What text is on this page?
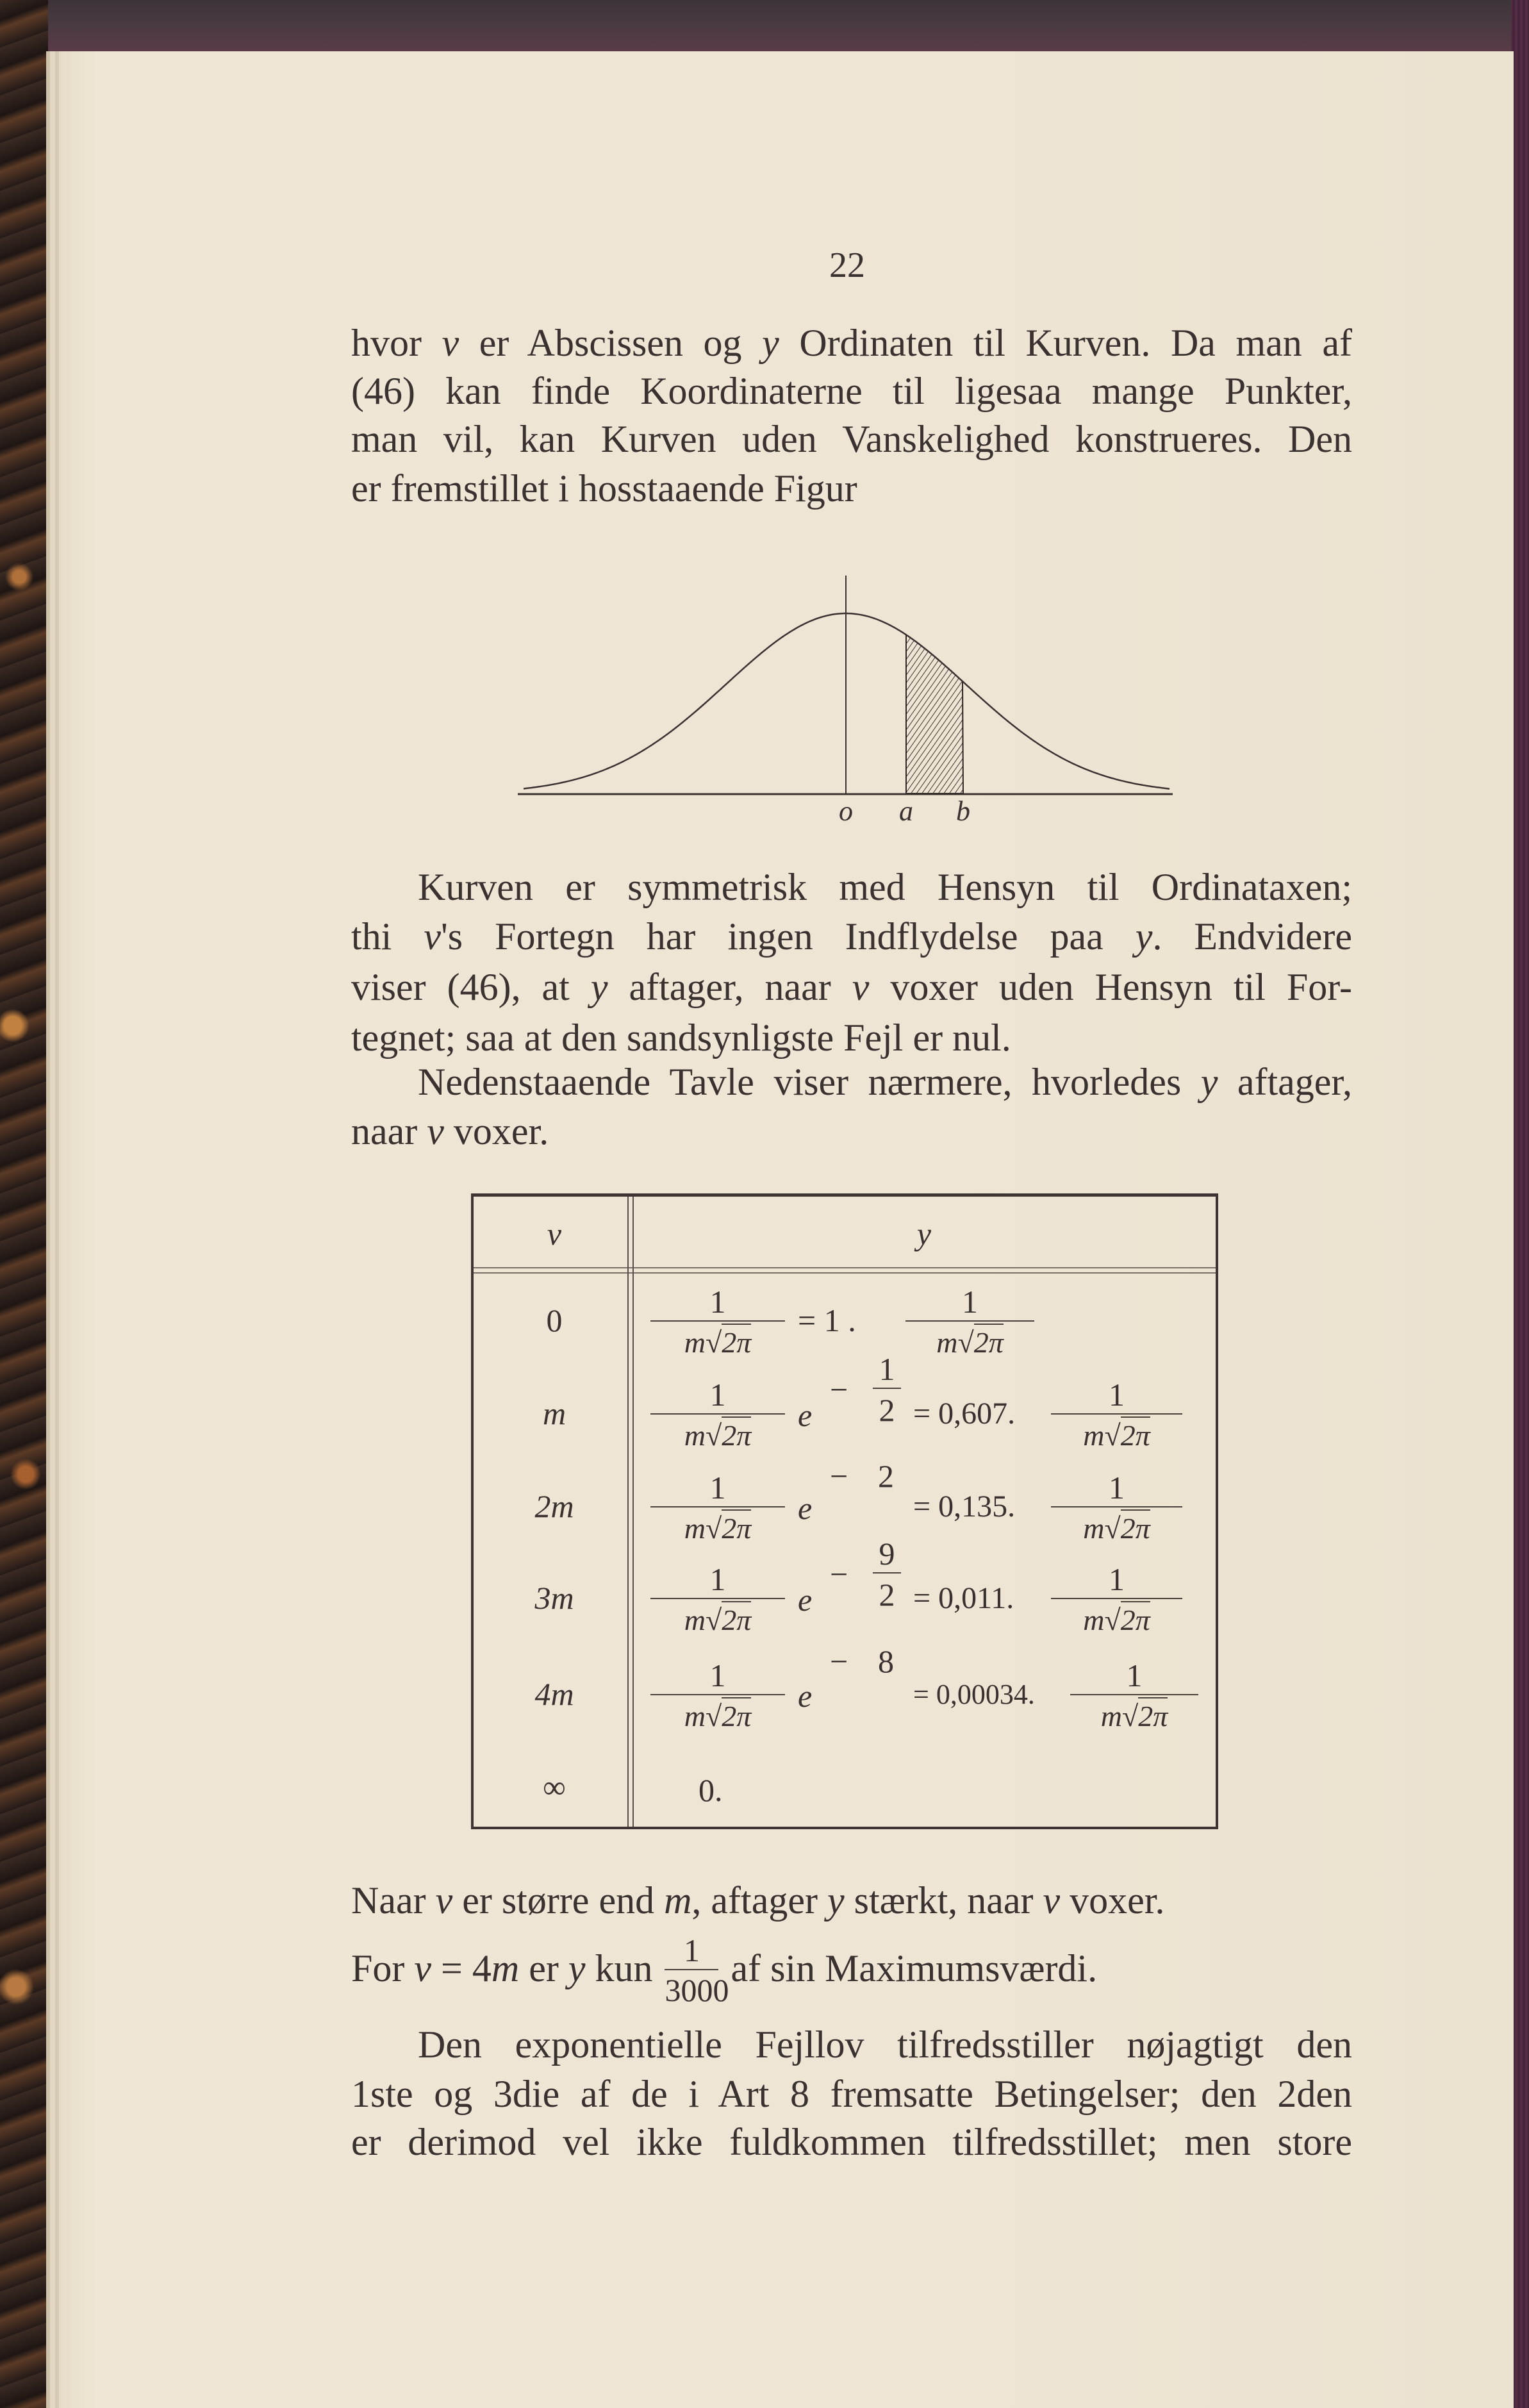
22
hvor v er Abscissen og y Ordinaten til Kurven. Da man af
(46) kan finde Koordinaterne til ligesaa mange Punkter,
man vil, kan Kurven uden Vanskelighed konstrueres. Den
er fremstillet i hosstaaende Figur
o a b
Kurven er symmetrisk med Hensyn til Ordinataxen;
thi v's Fortegn har ingen Indflydelse paa y. Endvidere
viser (46), at y aftager, naar v voxer uden Hensyn til For-
tegnet; saa at den sandsynligste Fejl er nul.
Nedenstaaende Tavle viser nærmere, hvorledes y aftager,
naar v voxer.
v	y
0
1
m√2π
= 1 .
1
m√2π
m
1
m√2π
e
−
1
2 = 0,607.
1
m√2π
2m
1
m√2π
e
− 2
= 0,135.
1
m√2π
3m
1
m√2π
e
−
9
2 = 0,011.
1
m√2π
4m
1
m√2π
e
− 8
= 0,00034.
1
m√2π
∞	0.
Naar v er større end m, aftager y stærkt, naar v voxer.
For v = 4m er y kun 1
3000
af sin Maximumsværdi.
Den exponentielle Fejllov tilfredsstiller nøjagtigt den
1ste og 3die af de i Art 8 fremsatte Betingelser; den 2den
er derimod vel ikke fuldkommen tilfredsstillet; men store
